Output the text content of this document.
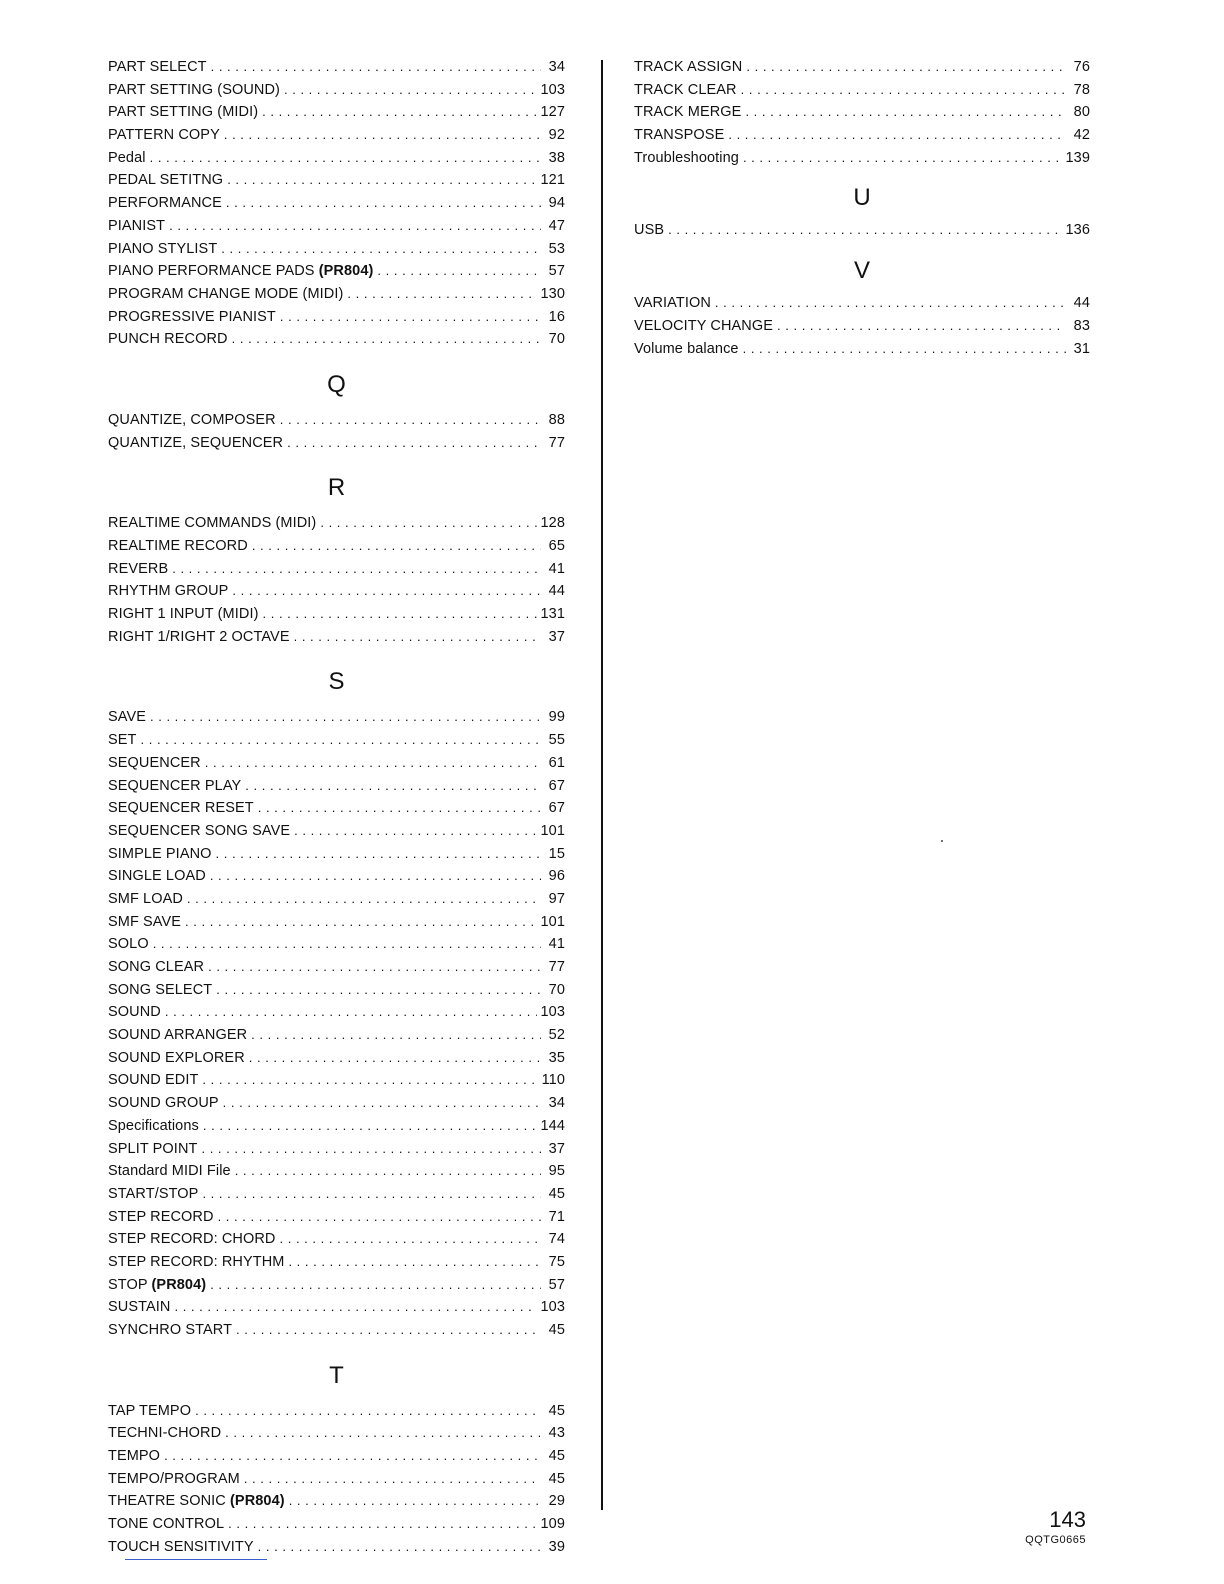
PART SELECT . . .	34
PART SETTING (SOUND) . . .	103
PART SETTING (MIDI) . . .	127
PATTERN COPY . . .	92
Pedal . . .	38
PEDAL SETITNG . . .	121
PERFORMANCE . . .	94
PIANIST . . .	47
PIANO STYLIST . . .	53
PIANO PERFORMANCE PADS (PR804) . . .	57
PROGRAM CHANGE MODE (MIDI) . . .	130
PROGRESSIVE PIANIST . . .	16
PUNCH RECORD . . .	70
Q
QUANTIZE, COMPOSER . . .	88
QUANTIZE, SEQUENCER . . .	77
R
REALTIME COMMANDS (MIDI) . . .	128
REALTIME RECORD . . .	65
REVERB . . .	41
RHYTHM GROUP . . .	44
RIGHT 1 INPUT (MIDI) . . .	131
RIGHT 1/RIGHT 2 OCTAVE . . .	37
S
SAVE . . .	99
SET . . .	55
SEQUENCER . . .	61
SEQUENCER PLAY . . .	67
SEQUENCER RESET . . .	67
SEQUENCER SONG SAVE . . .	101
SIMPLE PIANO . . .	15
SINGLE LOAD . . .	96
SMF LOAD . . .	97
SMF SAVE . . .	101
SOLO . . .	41
SONG CLEAR . . .	77
SONG SELECT . . .	70
SOUND . . .	103
SOUND ARRANGER . . .	52
SOUND EXPLORER . . .	35
SOUND EDIT . . .	110
SOUND GROUP . . .	34
Specifications . . .	144
SPLIT POINT . . .	37
Standard MIDI File . . .	95
START/STOP . . .	45
STEP RECORD . . .	71
STEP RECORD: CHORD . . .	74
STEP RECORD: RHYTHM . . .	75
STOP (PR804) . . .	57
SUSTAIN . . .	103
SYNCHRO START . . .	45
T
TAP TEMPO . . .	45
TECHNI-CHORD . . .	43
TEMPO . . .	45
TEMPO/PROGRAM . . .	45
THEATRE SONIC (PR804) . . .	29
TONE CONTROL . . .	109
TOUCH SENSITIVITY . . .	39
TRACK ASSIGN . . .	76
TRACK CLEAR . . .	78
TRACK MERGE . . .	80
TRANSPOSE . . .	42
Troubleshooting . . .	139
U
USB . . .	136
V
VARIATION . . .	44
VELOCITY CHANGE . . .	83
Volume balance . . .	31
143
QQTG0665
